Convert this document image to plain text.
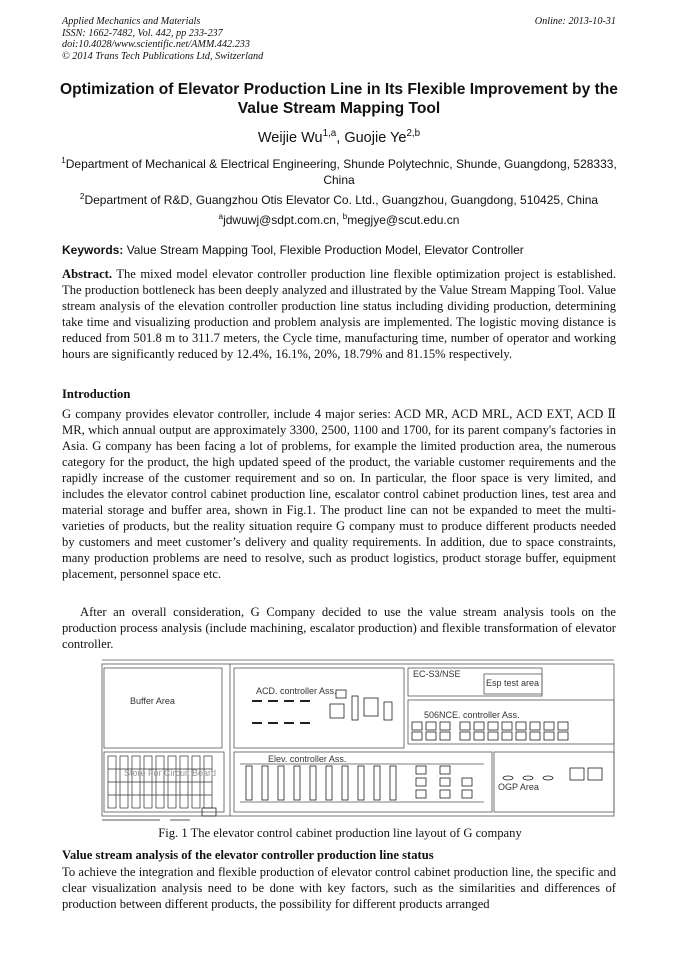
Applied Mechanics and Materials
ISSN: 1662-7482, Vol. 442, pp 233-237
doi:10.4028/www.scientific.net/AMM.442.233
© 2014 Trans Tech Publications Ltd, Switzerland
Online: 2013-10-31
Optimization of Elevator Production Line in Its Flexible Improvement by the Value Stream Mapping Tool
Weijie Wu$^{1,a}$, Guojie Ye$^{2,b}$
$^1$Department of Mechanical & Electrical Engineering, Shunde Polytechnic, Shunde, Guangdong, 528333, China
$^2$Department of R&D, Guangzhou Otis Elevator Co. Ltd., Guangzhou, Guangdong, 510425, China
$^a$jdwuwj@sdpt.com.cn, $^b$megjye@scut.edu.cn
Keywords: Value Stream Mapping Tool, Flexible Production Model, Elevator Controller
Abstract. The mixed model elevator controller production line flexible optimization project is established. The production bottleneck has been deeply analyzed and illustrated by the Value Stream Mapping Tool. Value stream analysis of the elevation controller production line status including dividing production, determining take time and visualizing production and problem analysis are implemented. The logistic moving distance is reduced from 501.8 m to 311.7 meters, the Cycle time, manufacturing time, number of operator and working hours are significantly reduced by 12.4%, 16.1%, 20%, 18.79% and 81.15% respectively.
Introduction
G company provides elevator controller, include 4 major series: ACD MR, ACD MRL, ACD EXT, ACD Ⅱ MR, which annual output are approximately 3300, 2500, 1100 and 1700, for its parent company's factories in Asia. G company has been facing a lot of problems, for example the limited production area, the numerous category for the product, the high updated speed of the product, the variable customer requirements and the rapidly increase of the customer requirement and so on. In particular, the floor space is very limited, and includes the elevator control cabinet production line, escalator control cabinet production lines, test area and material storage and buffer area, shown in Fig.1. The product line can not be expanded to meet the multi-varieties of products, but the reality situation require G company must to produce different products needed by customers and meet customer’s delivery and quality requirements. In addition, due to space constraints, many production problems are need to resolve, such as product logistics, product storage buffer, equipment placement, personnel space etc.
After an overall consideration, G Company decided to use the value stream analysis tools on the production process analysis (include machining, escalator production) and flexible transformation of elevator controller.
Buffer Area
ACD. controller Ass.
EC-S3/NSE
Esp test area
506NCE. controller Ass.
Elev. controller Ass.
Store For Circuit Board
OGP Area
Fig. 1 The elevator control cabinet production line layout of G company
Value stream analysis of the elevator controller production line status
To achieve the integration and flexible production of elevator control cabinet production line, the specific and clear visualization analysis need to be done with key factors, such as the similarities and differences of production between different products, the possibility for different products arranged
